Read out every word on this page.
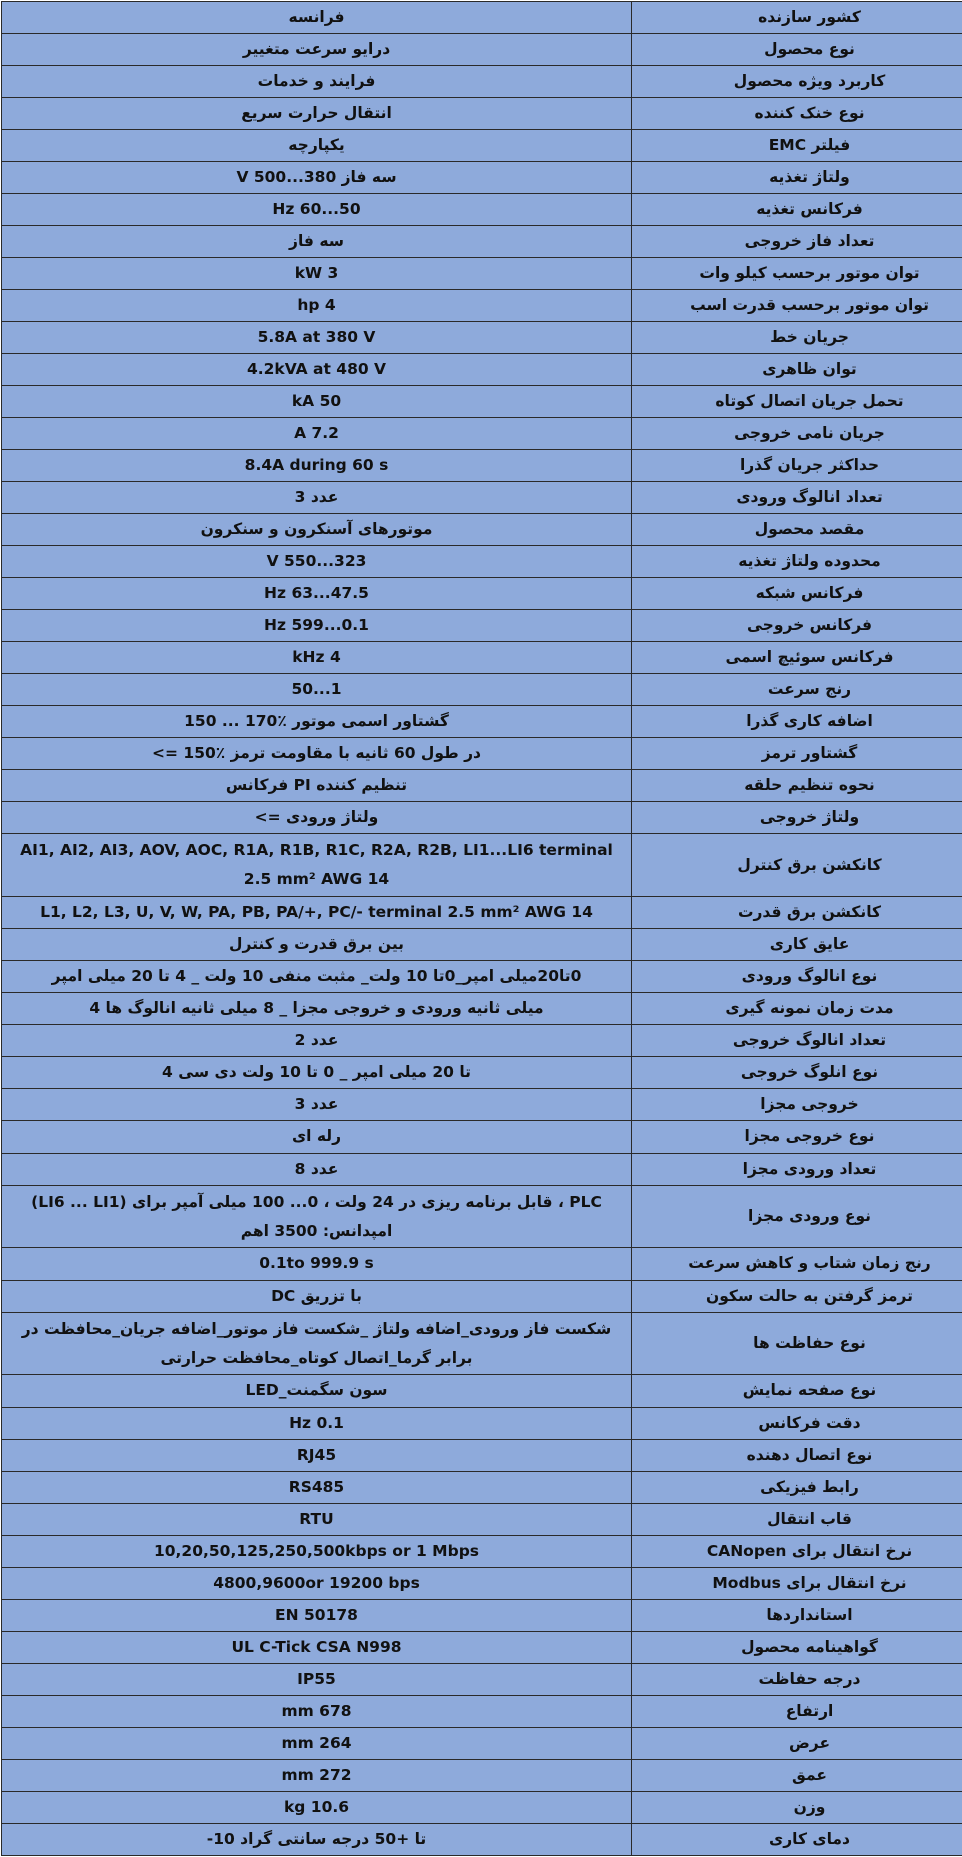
فرانسه	کشور سازنده
درایو سرعت متغییر	نوع محصول
فرایند و خدمات	کاربرد ویژه محصول
انتقال حرارت سریع	نوع خنک کننده
یکپارچه	فیلتر EMC
سه فاز 380...500 V	ولتاژ تغذیه
50...60 Hz	فرکانس تغذیه
سه فاز	تعداد فاز خروجی
3 kW	توان موتور برحسب کیلو وات
4 hp	توان موتور برحسب قدرت اسب
5.8A at 380 V	جریان خط
4.2kVA at 480 V	توان ظاهری
50 kA	تحمل جریان اتصال کوتاه
7.2 A	جریان نامی خروجی
8.4A during 60 s	حداکثر جریان گذرا
عدد 3	تعداد انالوگ ورودی
موتورهای آسنکرون و سنکرون	مقصد محصول
323...550 V	محدوده ولتاژ تغذیه
47.5...63 Hz	فرکانس شبکه
0.1...599 Hz	فرکانس خروجی
4 kHz	فرکانس سوئیچ اسمی
1...50	رنج سرعت
گشتاور اسمی موتور ٪170 ... 150	اضافه کاری گذرا
در طول 60 ثانیه با مقاومت ترمز ٪150 =>	گشتاور ترمز
تنظیم کننده PI فرکانس	نحوه تنظیم حلقه
ولتاژ ورودی =>	ولتاژ خروجی
AI1, AI2, AI3, AOV, AOC, R1A, R1B, R1C, R2A, R2B, LI1...LI6 terminal 2.5 mm² AWG 14	کانکشن برق کنترل
L1, L2, L3, U, V, W, PA, PB, PA/+, PC/- terminal 2.5 mm² AWG 14	کانکشن برق قدرت
بین برق قدرت و کنترل	عایق کاری
0تا20میلی امپر_0تا 10 ولت_ مثبت منفی 10 ولت _ 4 تا 20 میلی امپر	نوع انالوگ ورودی
میلی ثانیه ورودی و خروجی مجزا _ 8 میلی ثانیه انالوگ ها 4	مدت زمان نمونه گیری
عدد 2	تعداد انالوگ خروجی
تا 20 میلی امپر _ 0 تا 10 ولت دی سی 4	نوع انلوگ خروجی
عدد 3	خروجی مجزا
رله ای	نوع خروجی مجزا
عدد 8	تعداد ورودی مجزا
PLC ، قابل برنامه ریزی در 24 ولت ، 0... 100 میلی آمپر برای (LI6 ... LI1) امپدانس: 3500 اهم	نوع ورودی مجزا
0.1to 999.9 s	رنج زمان شتاب و کاهش سرعت
با تزریق DC	ترمز گرفتن به حالت سکون
شکست فاز ورودی_اضافه ولتاژ _شکست فاز موتور_اضافه جریان_محافظت در برابر گرما_اتصال کوتاه_محافظت حرارتی	نوع حفاظت ها
سون سگمنت_LED	نوع صفحه نمایش
0.1 Hz	دقت فرکانس
RJ45	نوع اتصال دهنده
RS485	رابط فیزیکی
RTU	قاب انتقال
10,20,50,125,250,500kbps or 1 Mbps	نرخ انتقال برای CANopen
4800,9600or 19200 bps	نرخ انتقال برای Modbus
EN 50178	استانداردها
UL C-Tick CSA N998	گواهینامه محصول
IP55	درجه حفاظت
678 mm	ارتفاع
264 mm	عرض
272 mm	عمق
10.6 kg	وزن
تا +50 درجه سانتی گراد 10-	دمای کاری
